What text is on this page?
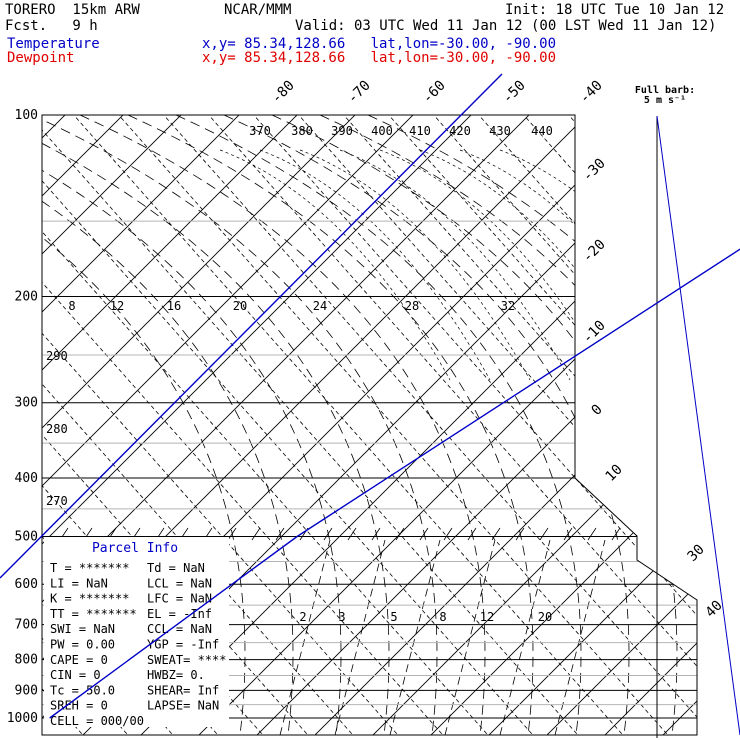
TORERO  15km ARW	NCAR/MMM	Init: 18 UTC Tue 10 Jan 12
Fcst.   9 h	Valid: 03 UTC Wed 11 Jan 12 (00 LST Wed 11 Jan 12)
Temperature	x,y= 85.34,128.66   lat,lon=-30.00, -90.00
Dewpoint	x,y= 85.34,128.66   lat,lon=-30.00, -90.00
100
200
300
400
500
600
700
800
900
1000
-80	-70	-60	-50	-40
-30
-20
-10
0
10
30
40
370 380 390 400 410 420 430 440
290
280
270
8	12	16	20	24	28	32
2	3	5	8	12	20
Full barb:
5 m s⁻¹
Parcel Info
T = ******* Td = NaN
LI = NaN	LCL = NaN
K = ******* LFC = NaN
TT = ******* EL = -Inf
SWI = NaN	CCL = NaN
PW = 0.00	YGP = -Inf
CAPE = 0	SWEAT= ****
CIN = 0	HWBZ= 0.
Tc = 50.0	SHEAR= Inf
SREH = 0	LAPSE= NaN
CELL = 000/00
